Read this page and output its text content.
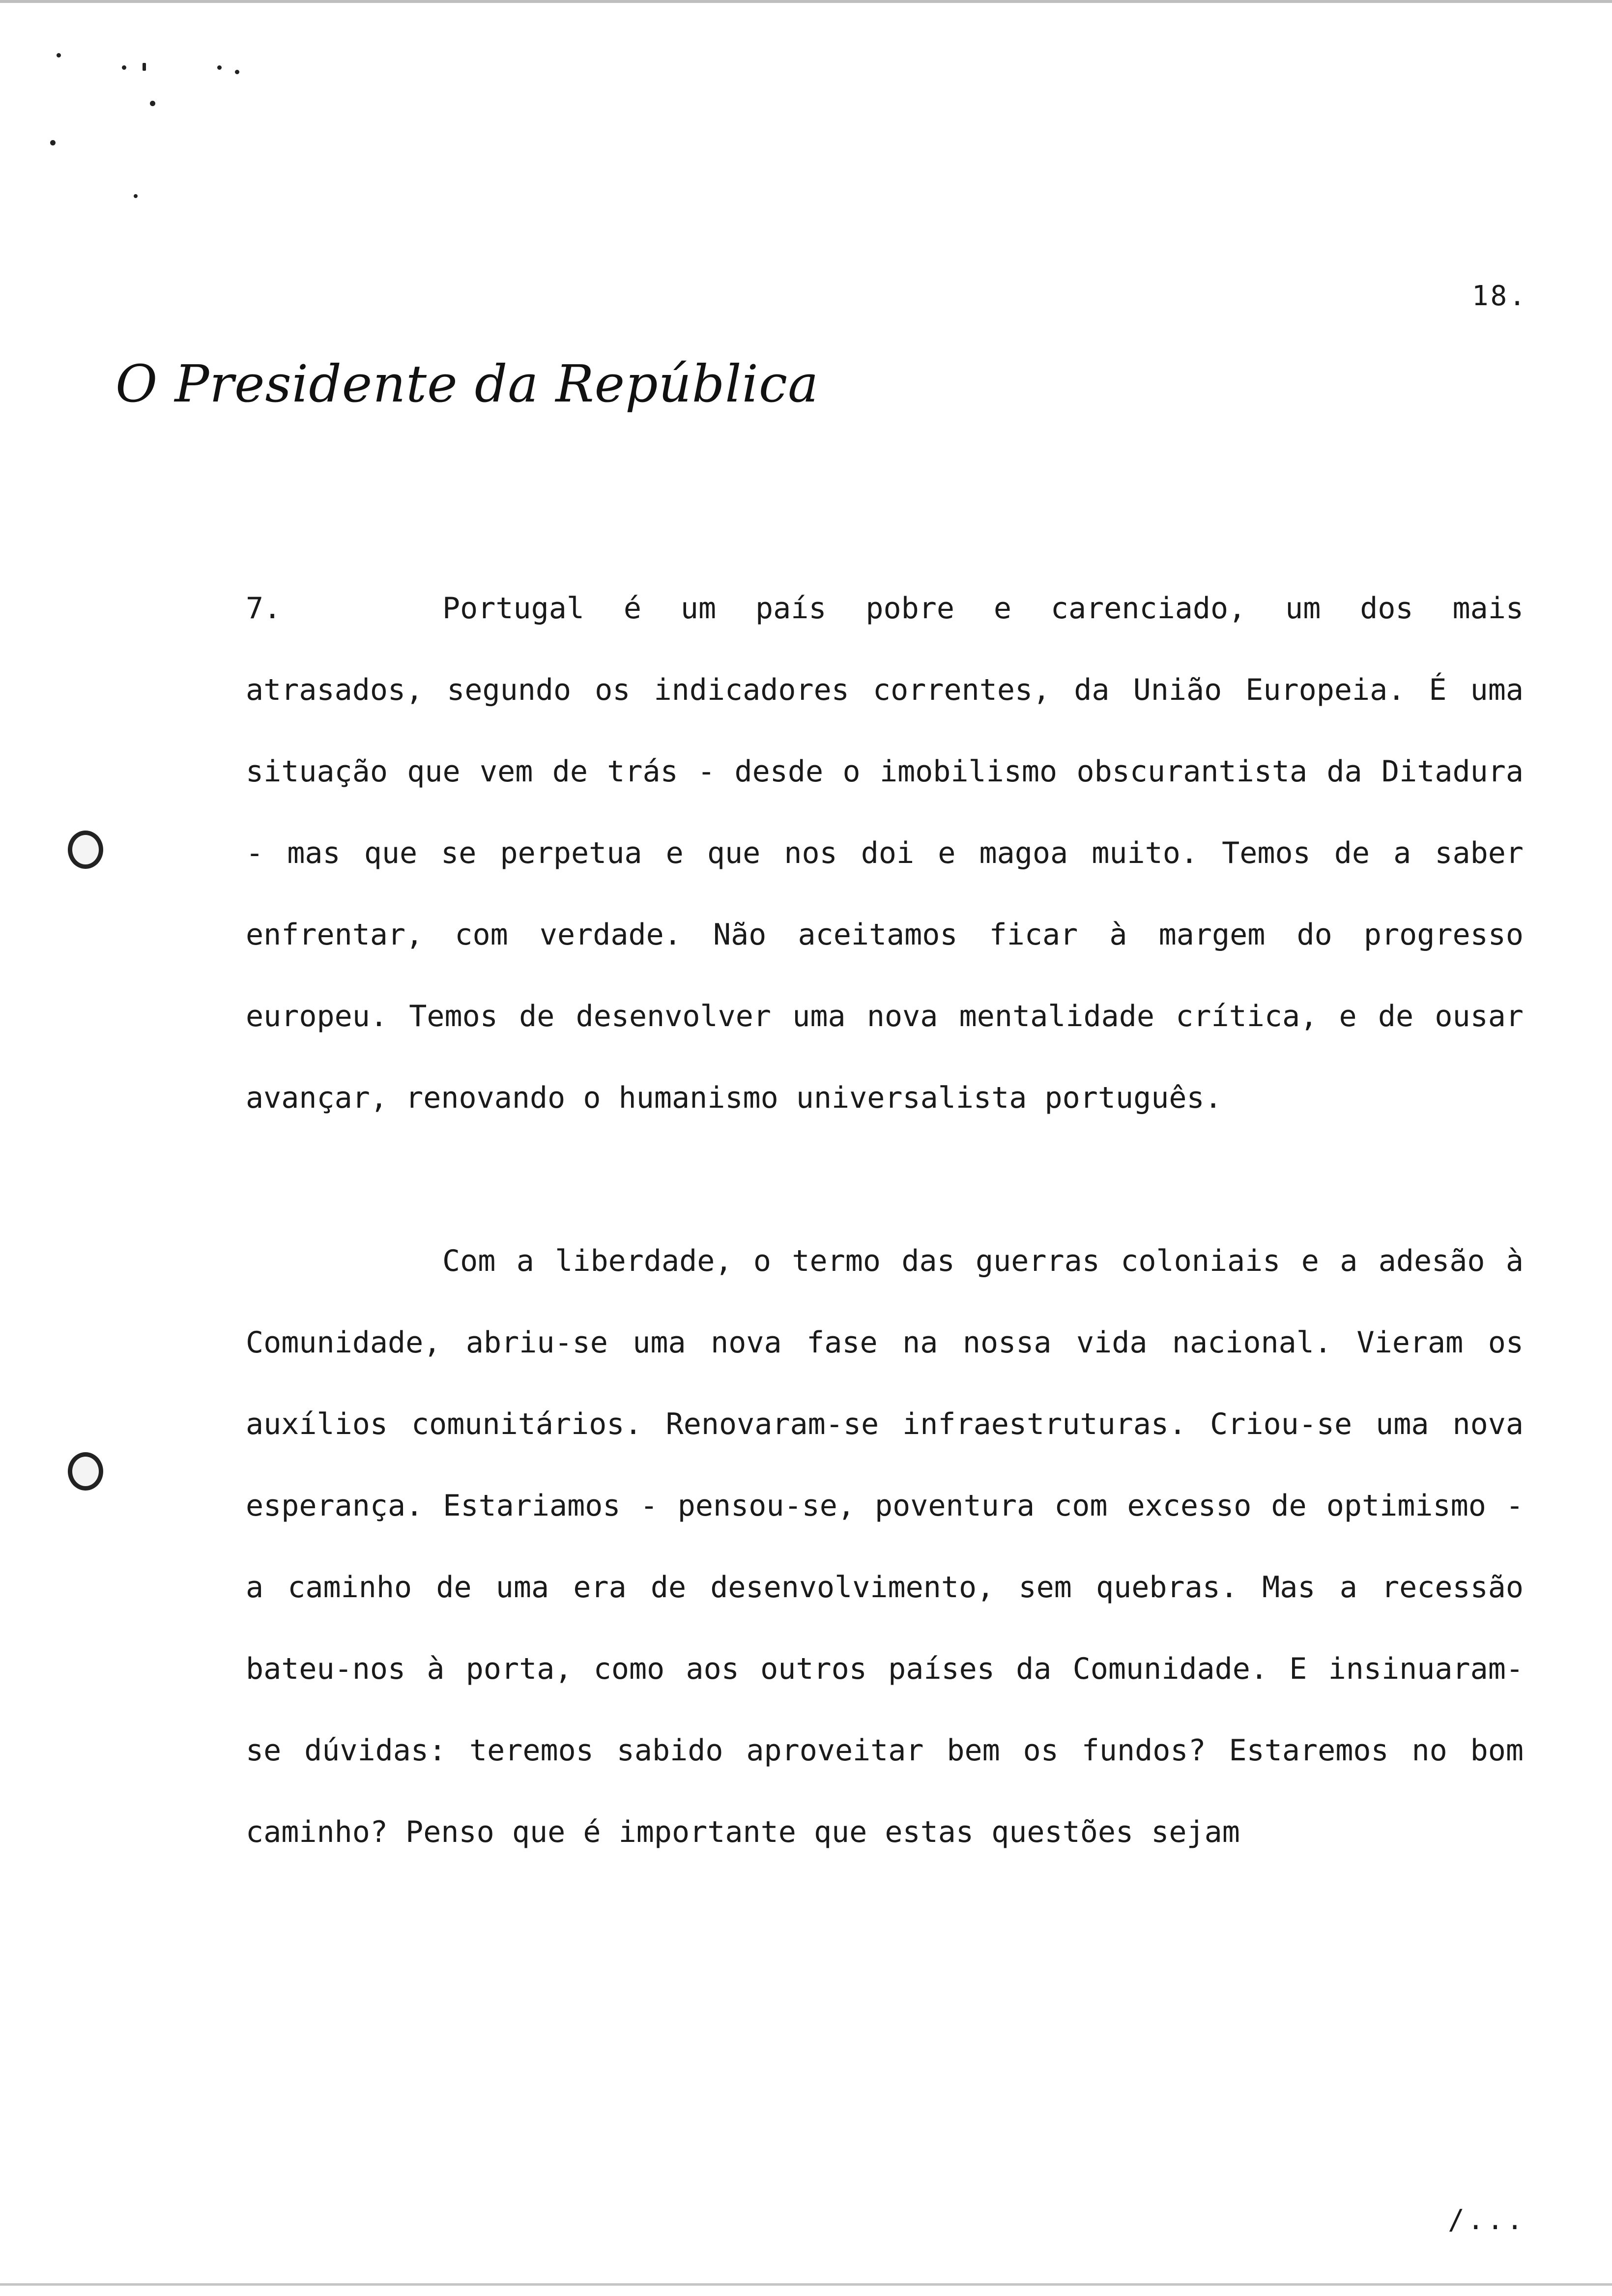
18.
O Presidente da República

7.	Portugal é um país pobre e carenciado, um dos mais atrasados, segundo os indicadores correntes, da União Europeia. É uma situação que vem de trás - desde o imobilismo obscurantista da Ditadura - mas que se perpetua e que nos doi e magoa muito. Temos de a saber enfrentar, com verdade. Não aceitamos ficar à margem do progresso europeu. Temos de desenvolver uma nova mentalidade crítica, e de ousar avançar, renovando o humanismo universalista português.

Com a liberdade, o termo das guerras coloniais e a adesão à Comunidade, abriu-se uma nova fase na nossa vida nacional. Vieram os auxílios comunitários. Renovaram-se infraestruturas. Criou-se uma nova esperança. Estariamos - pensou-se, poventura com excesso de optimismo - a caminho de uma era de desenvolvimento, sem quebras. Mas a recessão bateu-nos à porta, como aos outros países da Comunidade. E insinuaram-se dúvidas: teremos sabido aproveitar bem os fundos? Estaremos no bom caminho? Penso que é importante que estas questões sejam

/...
